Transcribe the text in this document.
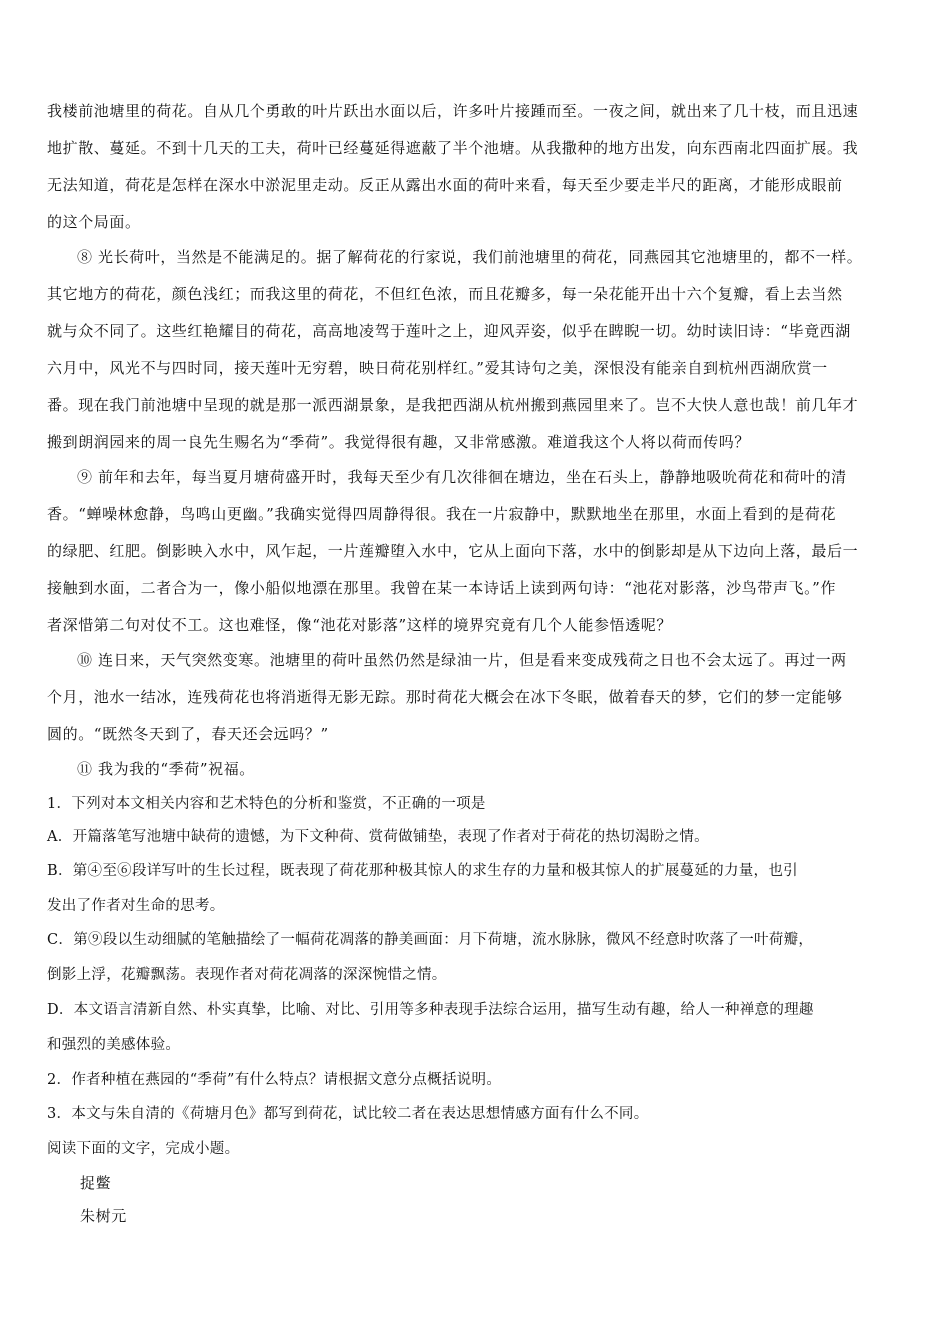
我楼前池塘里的荷花。自从几个勇敢的叶片跃出水面以后，许多叶片接踵而至。一夜之间，就出来了几十枝，而且迅速
地扩散、蔓延。不到十几天的工夫，荷叶已经蔓延得遮蔽了半个池塘。从我撒种的地方出发，向东西南北四面扩展。我
无法知道，荷花是怎样在深水中淤泥里走动。反正从露出水面的荷叶来看，每天至少要走半尺的距离，才能形成眼前
的这个局面。
⑧ 光长荷叶，当然是不能满足的。据了解荷花的行家说，我们前池塘里的荷花，同燕园其它池塘里的，都不一样。
其它地方的荷花，颜色浅红；而我这里的荷花，不但红色浓，而且花瓣多，每一朵花能开出十六个复瓣，看上去当然
就与众不同了。这些红艳耀目的荷花，高高地凌驾于莲叶之上，迎风弄姿，似乎在睥睨一切。幼时读旧诗：“毕竟西湖
六月中，风光不与四时同，接天莲叶无穷碧，映日荷花别样红。”爱其诗句之美，深恨没有能亲自到杭州西湖欣赏一
番。现在我门前池塘中呈现的就是那一派西湖景象，是我把西湖从杭州搬到燕园里来了。岂不大快人意也哉！前几年才
搬到朗润园来的周一良先生赐名为“季荷”。我觉得很有趣，又非常感激。难道我这个人将以荷而传吗？
⑨ 前年和去年，每当夏月塘荷盛开时，我每天至少有几次徘徊在塘边，坐在石头上，静静地吸吮荷花和荷叶的清
香。“蝉噪林愈静，鸟鸣山更幽。”我确实觉得四周静得很。我在一片寂静中，默默地坐在那里，水面上看到的是荷花
的绿肥、红肥。倒影映入水中，风乍起，一片莲瓣堕入水中，它从上面向下落，水中的倒影却是从下边向上落，最后一
接触到水面，二者合为一，像小船似地漂在那里。我曾在某一本诗话上读到两句诗：“池花对影落，沙鸟带声飞。”作
者深惜第二句对仗不工。这也难怪，像“池花对影落”这样的境界究竟有几个人能参悟透呢？
⑩ 连日来，天气突然变寒。池塘里的荷叶虽然仍然是绿油一片，但是看来变成残荷之日也不会太远了。再过一两
个月，池水一结冰，连残荷花也将消逝得无影无踪。那时荷花大概会在冰下冬眠，做着春天的梦，它们的梦一定能够
圆的。“既然冬天到了，春天还会远吗？”
⑪ 我为我的“季荷”祝福。
1．下列对本文相关内容和艺术特色的分析和鉴赏，不正确的一项是
A．开篇落笔写池塘中缺荷的遗憾，为下文种荷、赏荷做铺垫，表现了作者对于荷花的热切渴盼之情。
B．第④至⑥段详写叶的生长过程，既表现了荷花那种极其惊人的求生存的力量和极其惊人的扩展蔓延的力量，也引
发出了作者对生命的思考。
C．第⑨段以生动细腻的笔触描绘了一幅荷花凋落的静美画面：月下荷塘，流水脉脉，微风不经意时吹落了一叶荷瓣，
倒影上浮，花瓣飘荡。表现作者对荷花凋落的深深惋惜之情。
D．本文语言清新自然、朴实真挚，比喻、对比、引用等多种表现手法综合运用，描写生动有趣，给人一种禅意的理趣
和强烈的美感体验。
2．作者种植在燕园的“季荷”有什么特点？请根据文意分点概括说明。
3．本文与朱自清的《荷塘月色》都写到荷花，试比较二者在表达思想情感方面有什么不同。
阅读下面的文字，完成小题。
捉鳖
朱树元
